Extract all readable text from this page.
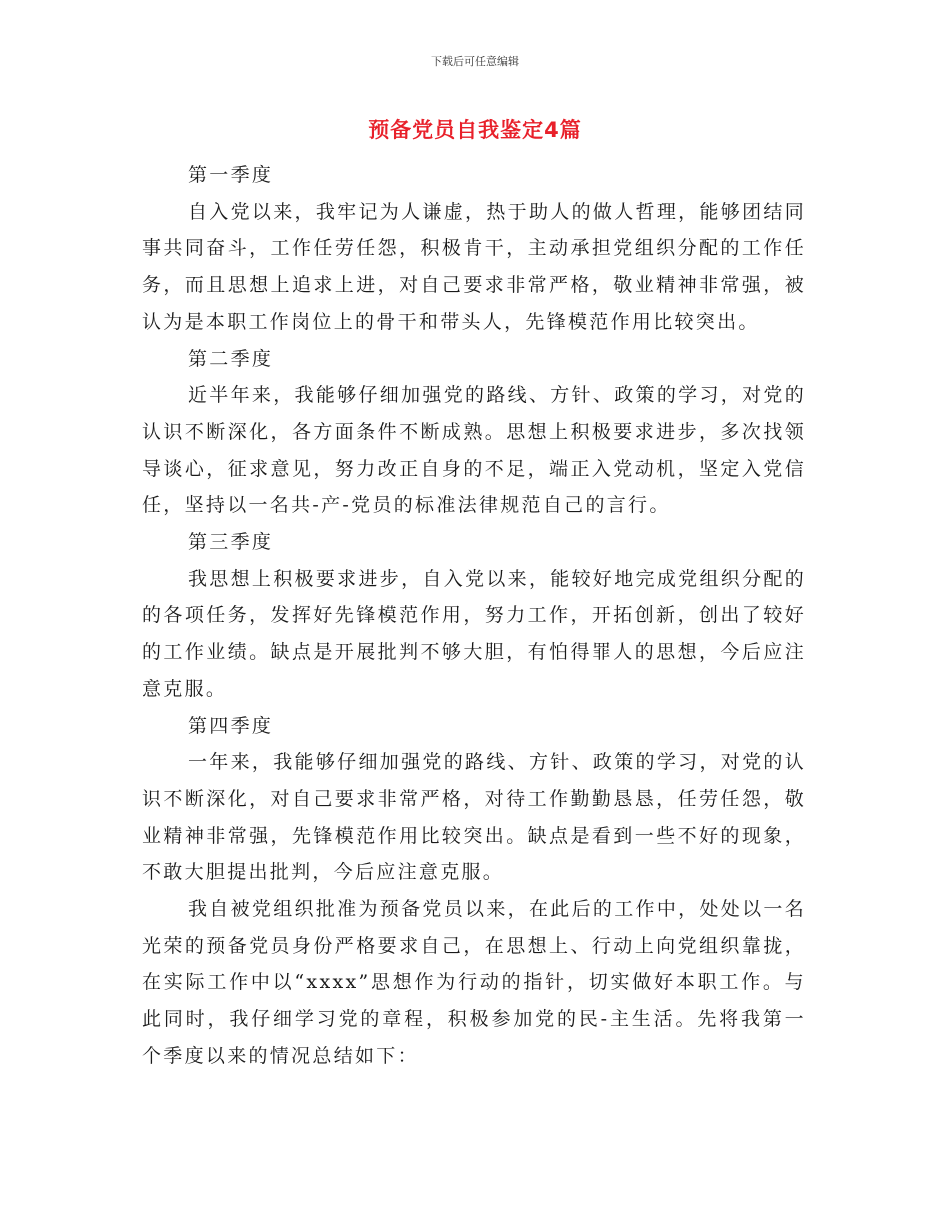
下载后可任意编辑
预备党员自我鉴定4篇

第一季度

自入党以来，我牢记为人谦虚，热于助人的做人哲理，能够团结同事共同奋斗，工作任劳任怨，积极肯干，主动承担党组织分配的工作任务，而且思想上追求上进，对自己要求非常严格，敬业精神非常强，被认为是本职工作岗位上的骨干和带头人，先锋模范作用比较突出。

第二季度

近半年来，我能够仔细加强党的路线、方针、政策的学习，对党的认识不断深化，各方面条件不断成熟。思想上积极要求进步，多次找领导谈心，征求意见，努力改正自身的不足，端正入党动机，坚定入党信任，坚持以一名共-产-党员的标准法律规范自己的言行。

第三季度

我思想上积极要求进步，自入党以来，能较好地完成党组织分配的的各项任务，发挥好先锋模范作用，努力工作，开拓创新，创出了较好的工作业绩。缺点是开展批判不够大胆，有怕得罪人的思想，今后应注意克服。

第四季度

一年来，我能够仔细加强党的路线、方针、政策的学习，对党的认识不断深化，对自己要求非常严格，对待工作勤勤恳恳，任劳任怨，敬业精神非常强，先锋模范作用比较突出。缺点是看到一些不好的现象，不敢大胆提出批判，今后应注意克服。

我自被党组织批准为预备党员以来，在此后的工作中，处处以一名光荣的预备党员身份严格要求自己，在思想上、行动上向党组织靠拢，在实际工作中以“xxxx”思想作为行动的指针，切实做好本职工作。与此同时，我仔细学习党的章程，积极参加党的民-主生活。先将我第一个季度以来的情况总结如下：
